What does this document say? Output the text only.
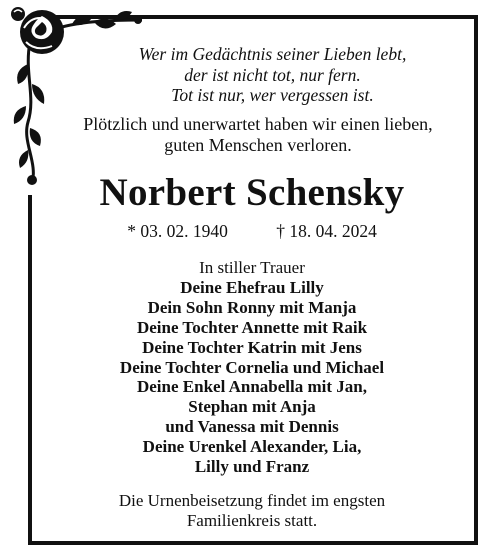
Wer im Gedächtnis seiner Lieben lebt,
der ist nicht tot, nur fern.
Tot ist nur, wer vergessen ist.
Plötzlich und unerwartet haben wir einen lieben,
guten Menschen verloren.
Norbert Schensky
* 03. 02. 1940	† 18. 04. 2024
In stiller Trauer
Deine Ehefrau Lilly
Dein Sohn Ronny mit Manja
Deine Tochter Annette mit Raik
Deine Tochter Katrin mit Jens
Deine Tochter Cornelia und Michael
Deine Enkel Annabella mit Jan,
Stephan mit Anja
und Vanessa mit Dennis
Deine Urenkel Alexander, Lia,
Lilly und Franz
Die Urnenbeisetzung findet im engsten
Familienkreis statt.
